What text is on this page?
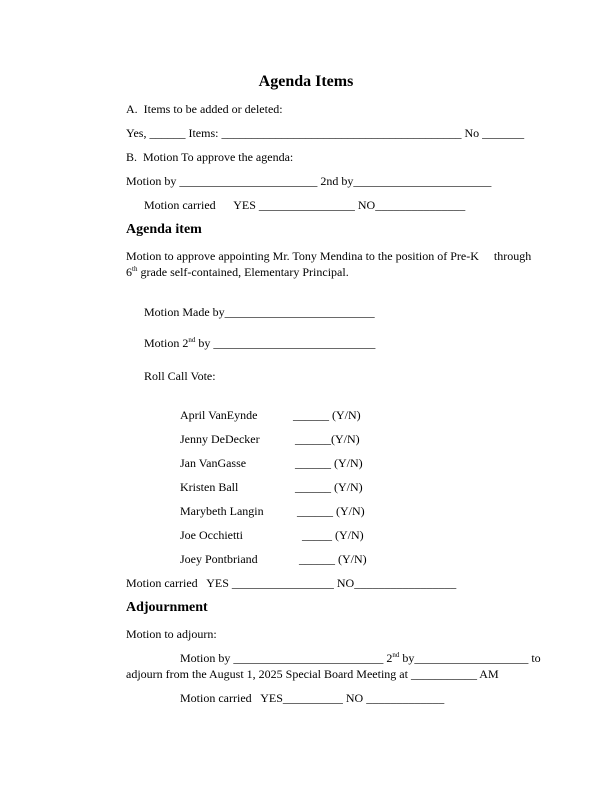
Agenda Items
A.  Items to be added or deleted:
Yes, ______ Items: ________________________________________ No _______
B.  Motion To approve the agenda:
Motion by _______________________ 2nd by_______________________
Motion carried      YES ________________ NO_______________
Agenda item
Motion to approve appointing Mr. Tony Mendina to the position of Pre-K     through
6th grade self-contained, Elementary Principal.
Motion Made by_________________________
Motion 2nd by ___________________________
Roll Call Vote:
April VanEynde	______ (Y/N)
Jenny DeDecker	______(Y/N)
Jan VanGasse	______ (Y/N)
Kristen Ball	______ (Y/N)
Marybeth Langin	______ (Y/N)
Joe Occhietti	_____ (Y/N)
Joey Pontbriand	______ (Y/N)
Motion carried   YES _________________ NO_________________
Adjournment
Motion to adjourn:
Motion by _________________________ 2nd by___________________ to
adjourn from the August 1, 2025 Special Board Meeting at ___________ AM
Motion carried   YES__________ NO _____________
